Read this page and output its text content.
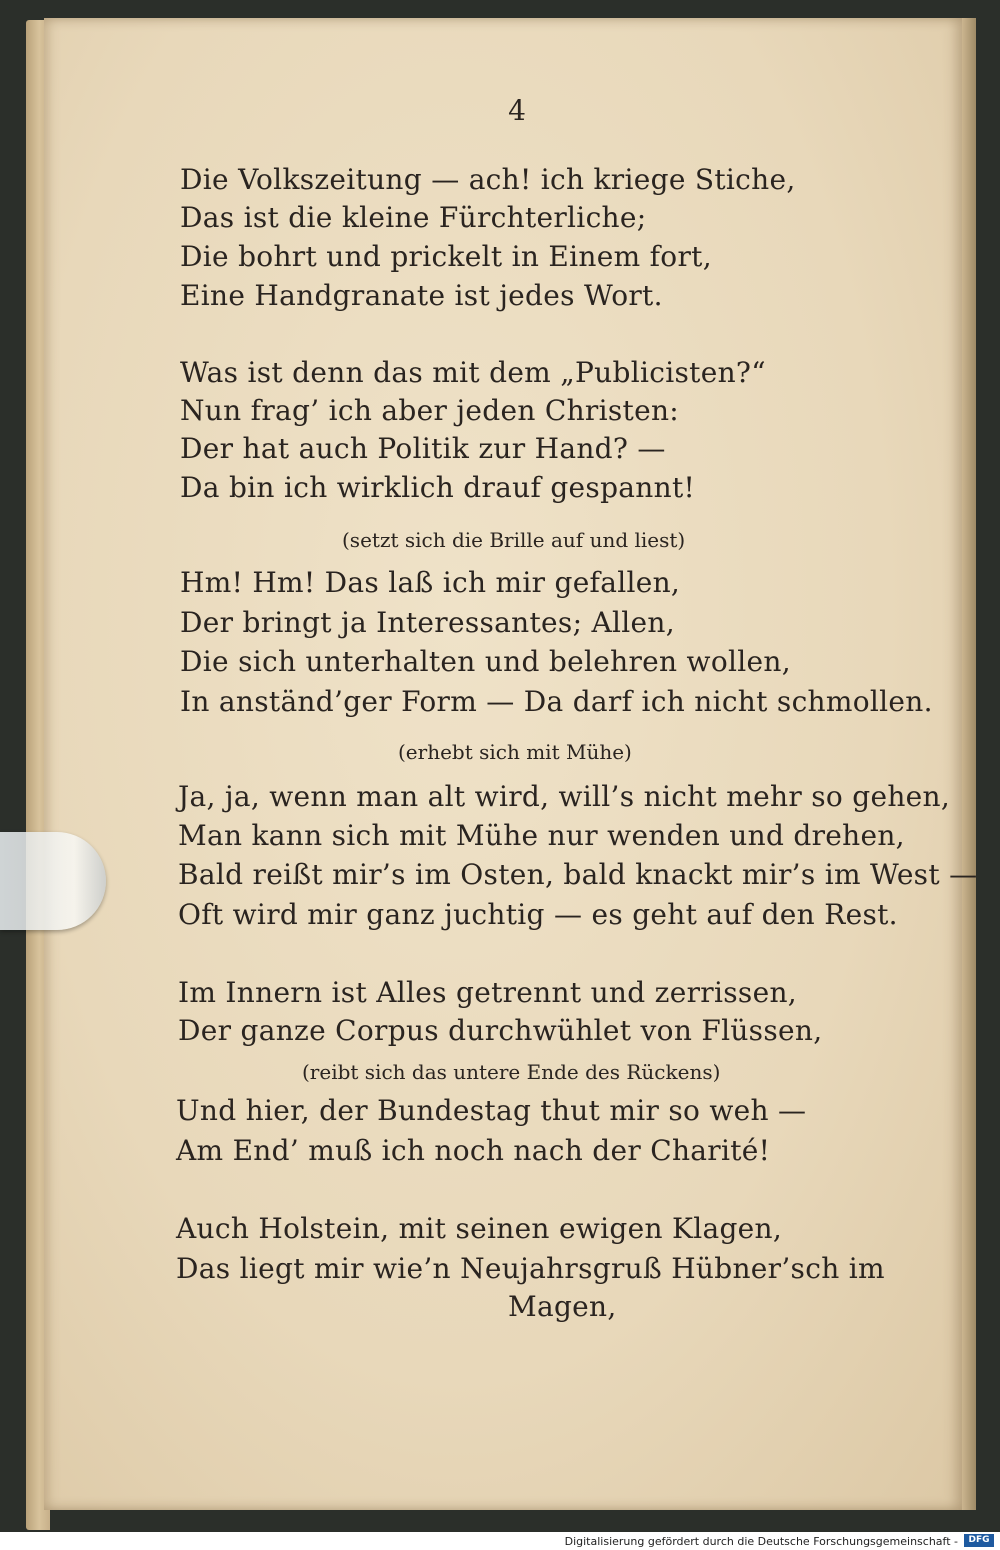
4
Die Volkszeitung — ach! ich kriege Stiche,
Das ist die kleine Fürchterliche;
Die bohrt und prickelt in Einem fort,
Eine Handgranate ist jedes Wort.
Was ist denn das mit dem „Publicisten?“
Nun frag’ ich aber jeden Christen:
Der hat auch Politik zur Hand? —
Da bin ich wirklich drauf gespannt!
(setzt sich die Brille auf und liest)
Hm! Hm! Das laß ich mir gefallen,
Der bringt ja Interessantes; Allen,
Die sich unterhalten und belehren wollen,
In anständ’ger Form — Da darf ich nicht schmollen.
(erhebt sich mit Mühe)
Ja, ja, wenn man alt wird, will’s nicht mehr so gehen,
Man kann sich mit Mühe nur wenden und drehen,
Bald reißt mir’s im Osten, bald knackt mir’s im West —
Oft wird mir ganz juchtig — es geht auf den Rest.
Im Innern ist Alles getrennt und zerrissen,
Der ganze Corpus durchwühlet von Flüssen,
(reibt sich das untere Ende des Rückens)
Und hier, der Bundestag thut mir so weh —
Am End’ muß ich noch nach der Charité!
Auch Holstein, mit seinen ewigen Klagen,
Das liegt mir wie’n Neujahrsgruß Hübner’sch im
Magen,
Digitalisierung gefördert durch die Deutsche Forschungsgemeinschaft -	DFG
